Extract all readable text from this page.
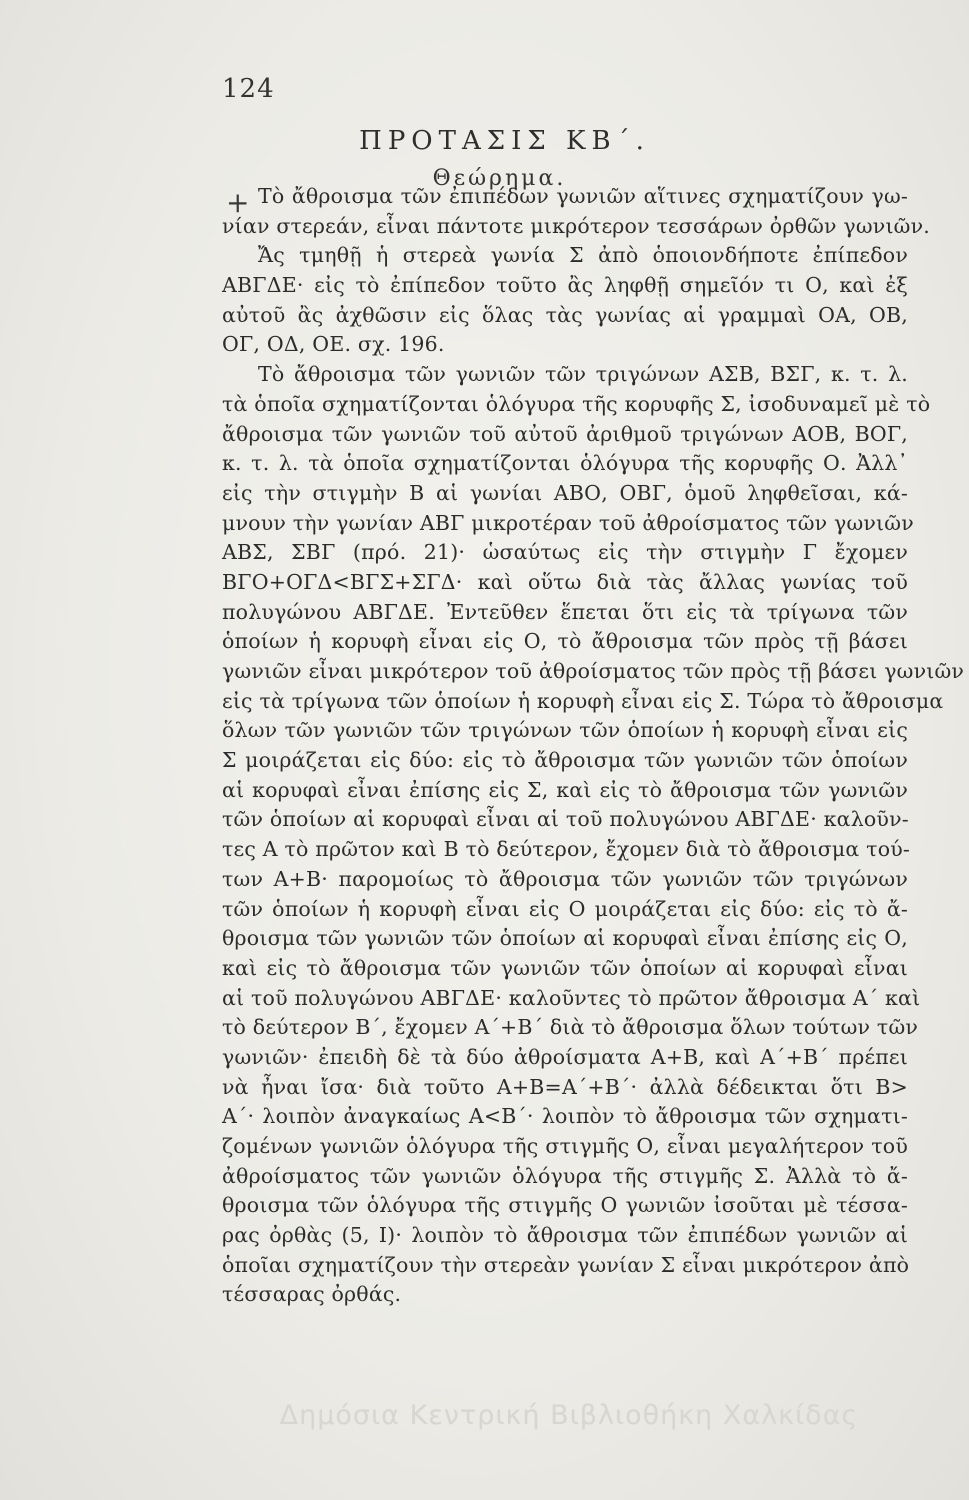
124
ΠΡΟΤΑΣΙΣ ΚΒ΄.
Θεώρημα.
+ Τὸ ἄθροισμα τῶν ἐπιπέδων γωνιῶν αἵτινες σχηματίζουν γω-
νίαν στερεάν, εἶναι πάντοτε μικρότερον τεσσάρων ὀρθῶν γωνιῶν.
Ἄς τμηθῇ ἡ στερεὰ γωνία Σ ἀπὸ ὁποιονδήποτε ἐπίπεδον
ΑΒΓΔΕ· εἰς τὸ ἐπίπεδον τοῦτο ἂς ληφθῇ σημεῖόν τι Ο, καὶ ἐξ
αὐτοῦ ἂς ἀχθῶσιν εἰς ὅλας τὰς γωνίας αἱ γραμμαὶ ΟΑ, ΟΒ,
ΟΓ, ΟΔ, ΟΕ. σχ. 196.
Τὸ ἄθροισμα τῶν γωνιῶν τῶν τριγώνων ΑΣΒ, ΒΣΓ, κ. τ. λ.
τὰ ὁποῖα σχηματίζονται ὁλόγυρα τῆς κορυφῆς Σ, ἰσοδυναμεῖ μὲ τὸ
ἄθροισμα τῶν γωνιῶν τοῦ αὐτοῦ ἀριθμοῦ τριγώνων ΑΟΒ, ΒΟΓ,
κ. τ. λ. τὰ ὁποῖα σχηματίζονται ὁλόγυρα τῆς κορυφῆς Ο. Ἀλλ᾿
εἰς τὴν στιγμὴν Β αἱ γωνίαι ΑΒΟ, ΟΒΓ, ὁμοῦ ληφθεῖσαι, κά-
μνουν τὴν γωνίαν ΑΒΓ μικροτέραν τοῦ ἀθροίσματος τῶν γωνιῶν
ΑΒΣ, ΣΒΓ (πρό. 21)· ὡσαύτως εἰς τὴν στιγμὴν Γ ἔχομεν
ΒΓΟ+ΟΓΔ<ΒΓΣ+ΣΓΔ· καὶ οὕτω διὰ τὰς ἄλλας γωνίας τοῦ
πολυγώνου ΑΒΓΔΕ. Ἐντεῦθεν ἕπεται ὅτι εἰς τὰ τρίγωνα τῶν
ὁποίων ἡ κορυφὴ εἶναι εἰς Ο, τὸ ἄθροισμα τῶν πρὸς τῇ βάσει
γωνιῶν εἶναι μικρότερον τοῦ ἀθροίσματος τῶν πρὸς τῇ βάσει γωνιῶν
εἰς τὰ τρίγωνα τῶν ὁποίων ἡ κορυφὴ εἶναι εἰς Σ. Τώρα τὸ ἄθροισμα
ὅλων τῶν γωνιῶν τῶν τριγώνων τῶν ὁποίων ἡ κορυφὴ εἶναι εἰς
Σ μοιράζεται εἰς δύο: εἰς τὸ ἄθροισμα τῶν γωνιῶν τῶν ὁποίων
αἱ κορυφαὶ εἶναι ἐπίσης εἰς Σ, καὶ εἰς τὸ ἄθροισμα τῶν γωνιῶν
τῶν ὁποίων αἱ κορυφαὶ εἶναι αἱ τοῦ πολυγώνου ΑΒΓΔΕ· καλοῦν-
τες Α τὸ πρῶτον καὶ Β τὸ δεύτερον, ἔχομεν διὰ τὸ ἄθροισμα τού-
των Α+Β· παρομοίως τὸ ἄθροισμα τῶν γωνιῶν τῶν τριγώνων
τῶν ὁποίων ἡ κορυφὴ εἶναι εἰς Ο μοιράζεται εἰς δύο: εἰς τὸ ἄ-
θροισμα τῶν γωνιῶν τῶν ὁποίων αἱ κορυφαὶ εἶναι ἐπίσης εἰς Ο,
καὶ εἰς τὸ ἄθροισμα τῶν γωνιῶν τῶν ὁποίων αἱ κορυφαὶ εἶναι
αἱ τοῦ πολυγώνου ΑΒΓΔΕ· καλοῦντες τὸ πρῶτον ἄθροισμα Α΄ καὶ
τὸ δεύτερον Β΄, ἔχομεν Α΄+Β΄ διὰ τὸ ἄθροισμα ὅλων τούτων τῶν
γωνιῶν· ἐπειδὴ δὲ τὰ δύο ἀθροίσματα Α+Β, καὶ Α΄+Β΄ πρέπει
νὰ ἦναι ἴσα· διὰ τοῦτο Α+Β=Α΄+Β΄· ἀλλὰ δέδεικται ὅτι Β>
Α΄· λοιπὸν ἀναγκαίως Α<Β΄· λοιπὸν τὸ ἄθροισμα τῶν σχηματι-
ζομένων γωνιῶν ὁλόγυρα τῆς στιγμῆς Ο, εἶναι μεγαλήτερον τοῦ
ἀθροίσματος τῶν γωνιῶν ὁλόγυρα τῆς στιγμῆς Σ. Ἀλλὰ τὸ ἄ-
θροισμα τῶν ὁλόγυρα τῆς στιγμῆς Ο γωνιῶν ἰσοῦται μὲ τέσσα-
ρας ὀρθὰς (5, Ι)· λοιπὸν τὸ ἄθροισμα τῶν ἐπιπέδων γωνιῶν αἱ
ὁποῖαι σχηματίζουν τὴν στερεὰν γωνίαν Σ εἶναι μικρότερον ἀπὸ
τέσσαρας ὀρθάς.
Δημόσια Κεντρική Βιβλιοθήκη Χαλκίδας
